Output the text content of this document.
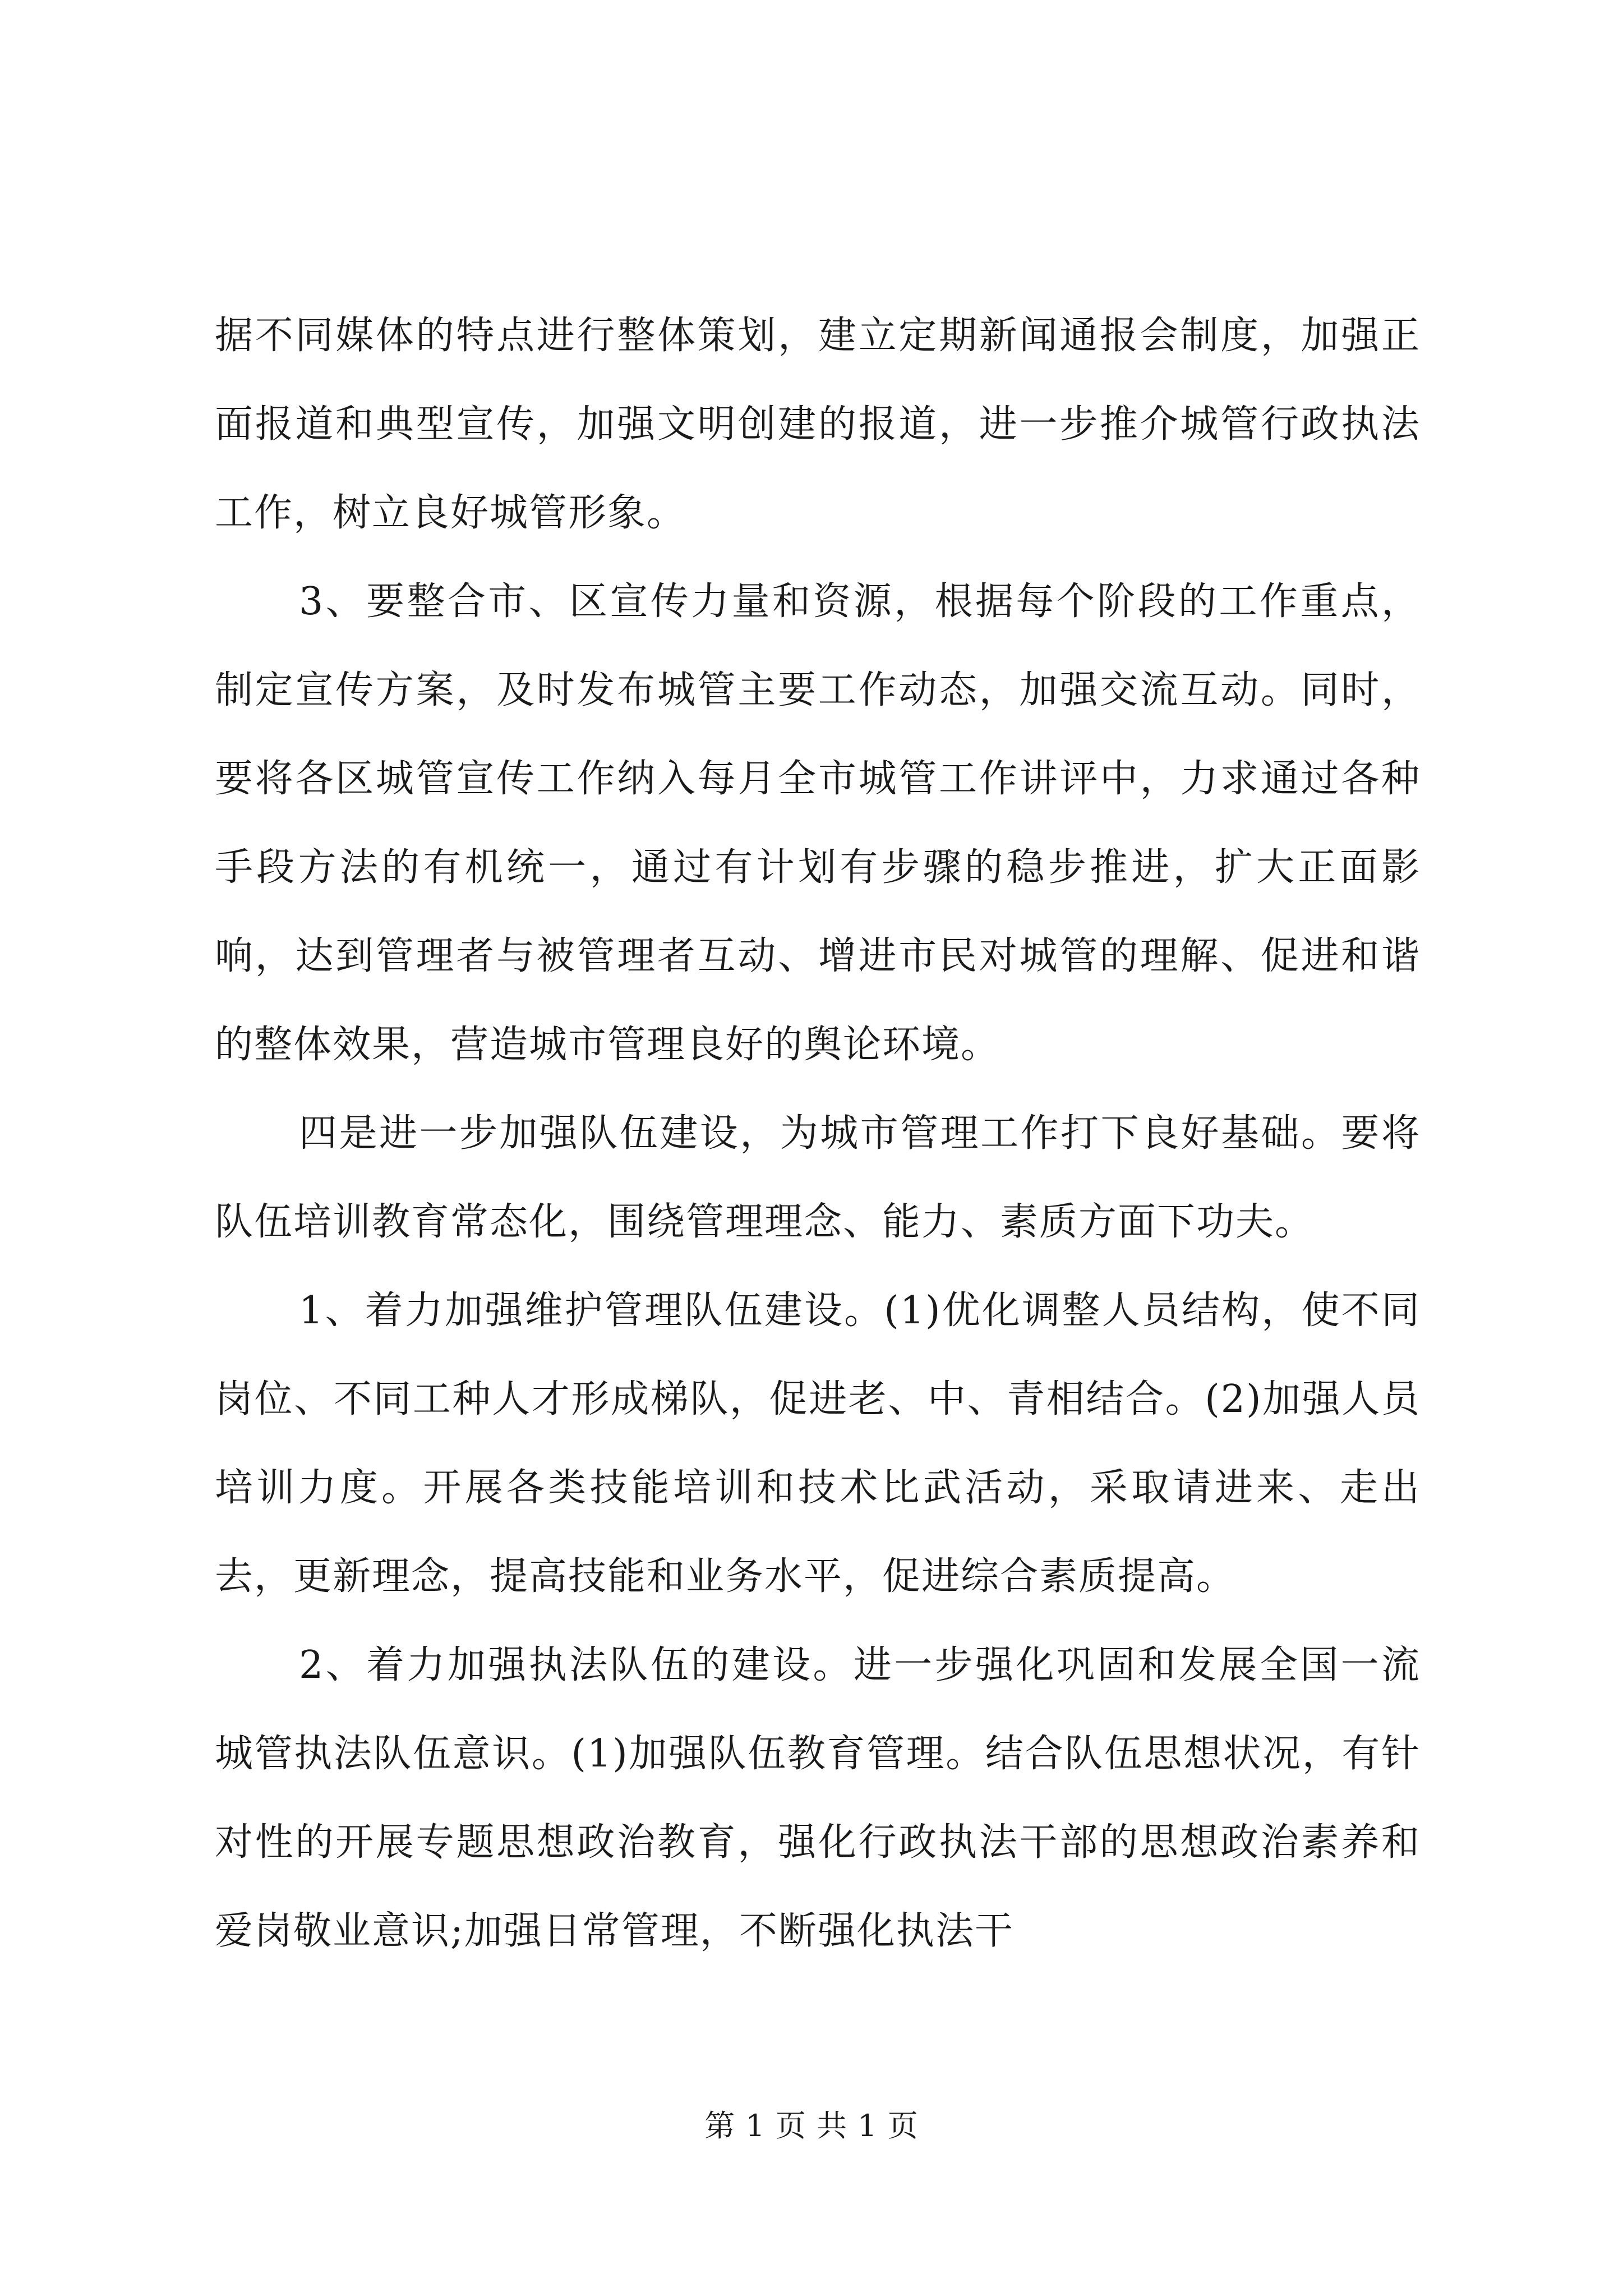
据不同媒体的特点进行整体策划，建立定期新闻通报会制度，加强正面报道和典型宣传，加强文明创建的报道，进一步推介城管行政执法工作，树立良好城管形象。

3、要整合市、区宣传力量和资源，根据每个阶段的工作重点，制定宣传方案，及时发布城管主要工作动态，加强交流互动。同时，要将各区城管宣传工作纳入每月全市城管工作讲评中，力求通过各种手段方法的有机统一，通过有计划有步骤的稳步推进，扩大正面影响，达到管理者与被管理者互动、增进市民对城管的理解、促进和谐的整体效果，营造城市管理良好的舆论环境。

四是进一步加强队伍建设，为城市管理工作打下良好基础。要将队伍培训教育常态化，围绕管理理念、能力、素质方面下功夫。

1、着力加强维护管理队伍建设。(1)优化调整人员结构，使不同岗位、不同工种人才形成梯队，促进老、中、青相结合。(2)加强人员培训力度。开展各类技能培训和技术比武活动，采取请进来、走出去，更新理念，提高技能和业务水平，促进综合素质提高。

2、着力加强执法队伍的建设。进一步强化巩固和发展全国一流城管执法队伍意识。(1)加强队伍教育管理。结合队伍思想状况，有针对性的开展专题思想政治教育，强化行政执法干部的思想政治素养和爱岗敬业意识;加强日常管理，不断强化执法干

第 1 页 共 1 页
